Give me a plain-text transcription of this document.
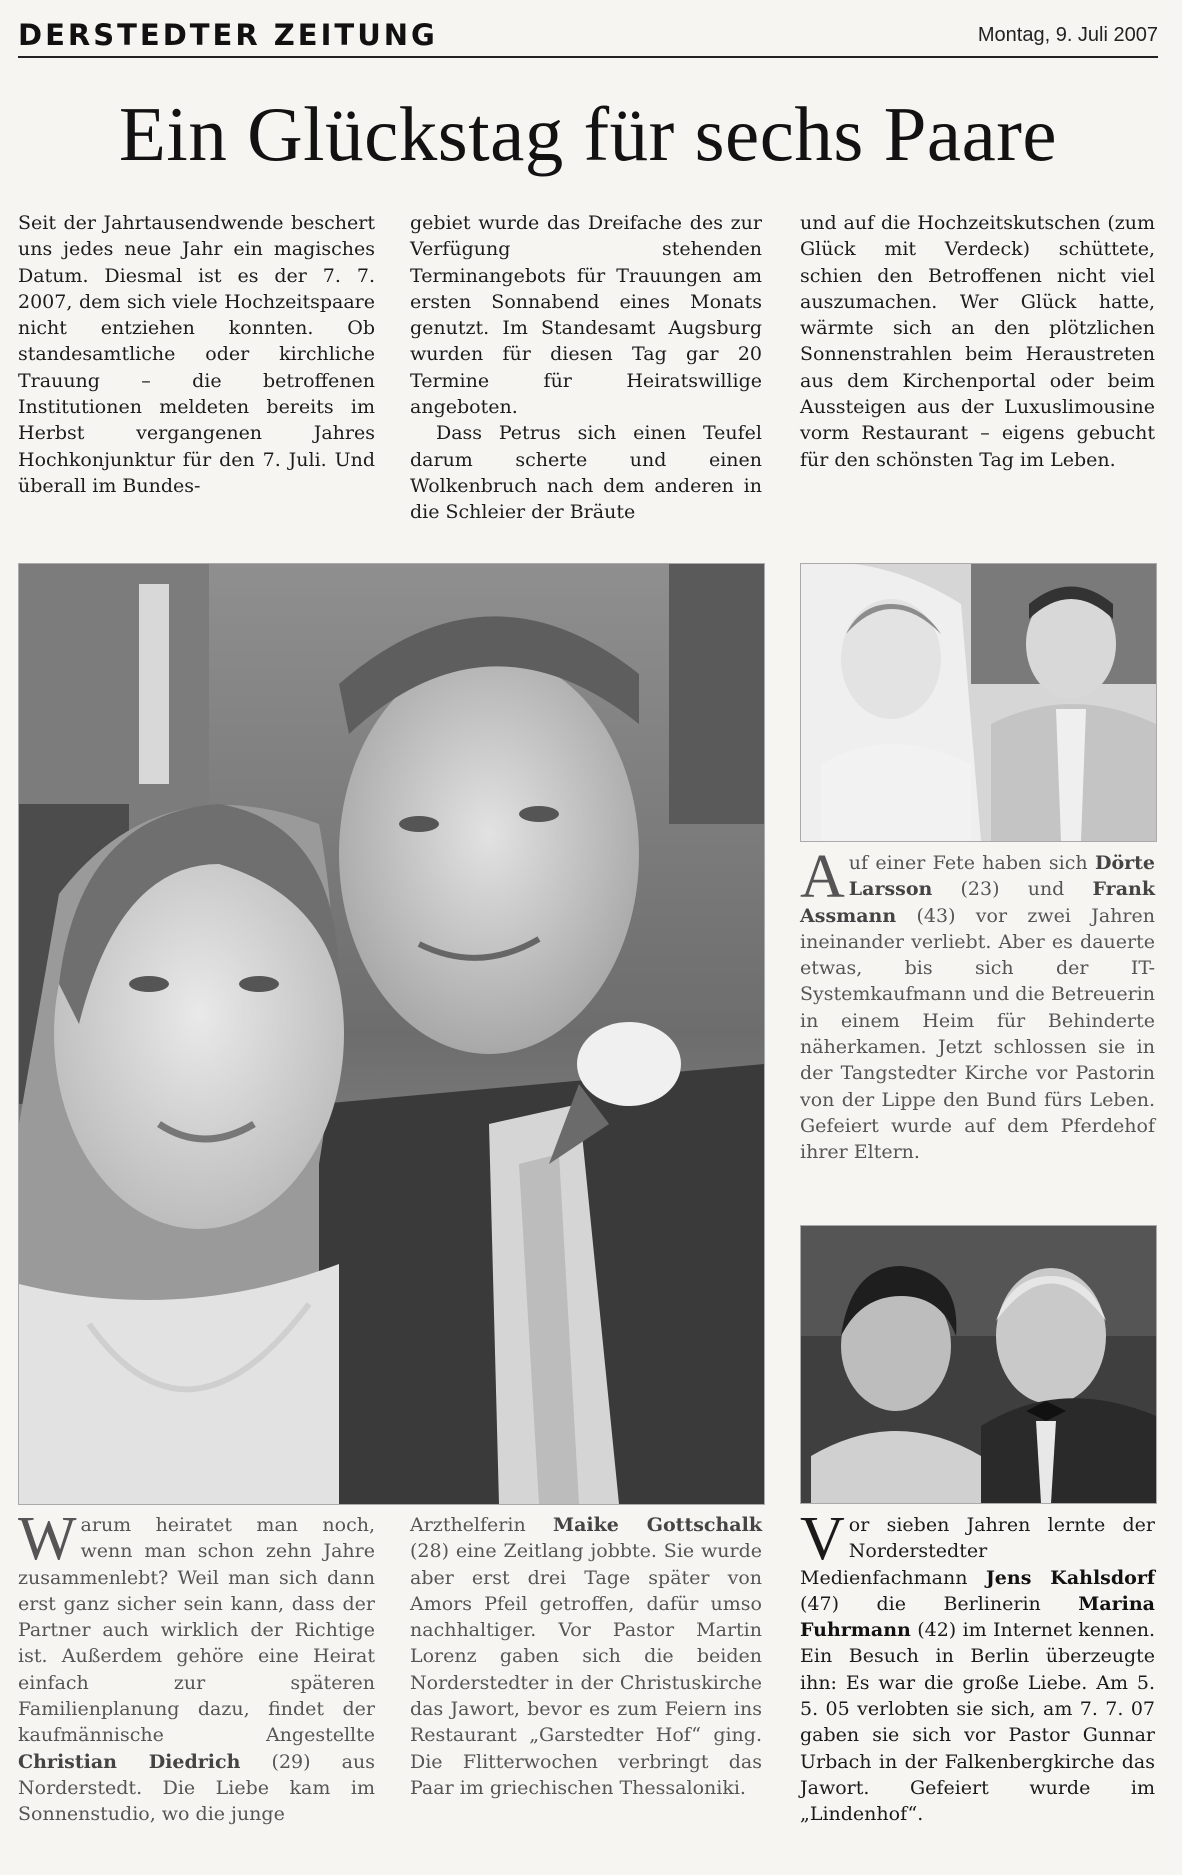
DERSTEDTER ZEITUNG	Montag, 9. Juli 2007
Ein Glückstag für sechs Paare
Seit der Jahrtausendwende beschert uns jedes neue Jahr ein magisches Datum. Diesmal ist es der 7. 7. 2007, dem sich viele Hochzeitspaare nicht entziehen konnten. Ob standesamtliche oder kirchliche Trauung – die betroffenen Institutionen meldeten bereits im Herbst vergangenen Jahres Hochkonjunktur für den 7. Juli. Und überall im Bundes-
gebiet wurde das Dreifache des zur Verfügung stehenden Terminangebots für Trauungen am ersten Sonnabend eines Monats genutzt. Im Standesamt Augsburg wurden für diesen Tag gar 20 Termine für Heiratswillige angeboten.
Dass Petrus sich einen Teufel darum scherte und einen Wolkenbruch nach dem anderen in die Schleier der Bräute
und auf die Hochzeitskutschen (zum Glück mit Verdeck) schüttete, schien den Betroffenen nicht viel auszumachen. Wer Glück hatte, wärmte sich an den plötzlichen Sonnenstrahlen beim Heraustreten aus dem Kirchenportal oder beim Aussteigen aus der Luxuslimousine vorm Restaurant – eigens gebucht für den schönsten Tag im Leben.
Auf einer Fete haben sich Dörte Larsson (23) und Frank Assmann (43) vor zwei Jahren ineinander verliebt. Aber es dauerte etwas, bis sich der IT-Systemkaufmann und die Betreuerin in einem Heim für Behinderte näherkamen. Jetzt schlossen sie in der Tangstedter Kirche vor Pastorin von der Lippe den Bund fürs Leben. Gefeiert wurde auf dem Pferdehof ihrer Eltern.
Vor sieben Jahren lernte der Norderstedter Medienfachmann Jens Kahlsdorf (47) die Berlinerin Marina Fuhrmann (42) im Internet kennen. Ein Besuch in Berlin überzeugte ihn: Es war die große Liebe. Am 5. 5. 05 verlobten sie sich, am 7. 7. 07 gaben sie sich vor Pastor Gunnar Urbach in der Falkenbergkirche das Jawort. Gefeiert wurde im „Lindenhof“.
Warum heiratet man noch, wenn man schon zehn Jahre zusammenlebt? Weil man sich dann erst ganz sicher sein kann, dass der Partner auch wirklich der Richtige ist. Außerdem gehöre eine Heirat einfach zur späteren Familienplanung dazu, findet der kaufmännische Angestellte Christian Diedrich (29) aus Norderstedt. Die Liebe kam im Sonnenstudio, wo die junge
Arzthelferin Maike Gottschalk (28) eine Zeitlang jobbte. Sie wurde aber erst drei Tage später von Amors Pfeil getroffen, dafür umso nachhaltiger. Vor Pastor Martin Lorenz gaben sich die beiden Norderstedter in der Christuskirche das Jawort, bevor es zum Feiern ins Restaurant „Garstedter Hof“ ging. Die Flitterwochen verbringt das Paar im griechischen Thessaloniki.
